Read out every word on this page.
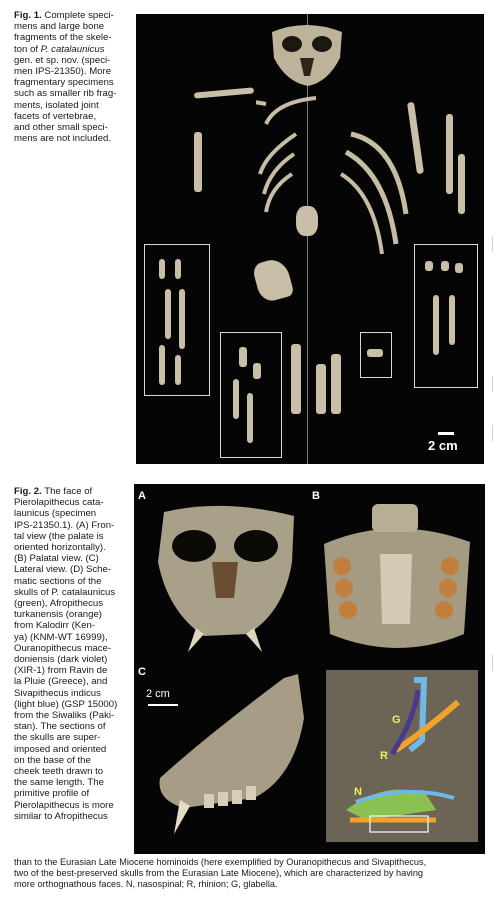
Fig. 1. Complete speci-
mens and large bone
fragments of the skele-
ton of P. catalaunicus
gen. et sp. nov. (speci-
men IPS-21350). More
fragmentary specimens
such as smaller rib frag-
ments, isolated joint
facets of vertebrae,
and other small speci-
mens are not included.
2 cm
Fig. 2. The face of
Pierolapithecus cata-
launicus (specimen
IPS-21350.1). (A) Fron-
tal view (the palate is
oriented horizontally).
(B) Palatal view. (C)
Lateral view. (D) Sche-
matic sections of the
skulls of P. catalaunicus
(green), Afropithecus
turkanensis (orange)
from Kalodirr (Ken-
ya) (KNM-WT 16999),
Ouranopithecus mace-
doniensis (dark violet)
(XIR-1) from Ravin de
la Pluie (Greece), and
Sivapithecus indicus
(light blue) (GSP 15000)
from the Siwaliks (Paki-
stan). The sections of
the skulls are super-
imposed and oriented
on the base of the
cheek teeth drawn to
the same length. The
primitive profile of
Pierolapithecus is more
similar to Afropithecus
A	B
C
2 cm
G
R
N
than to the Eurasian Late Miocene hominoids (here exemplified by Ouranopithecus and Sivapithecus,
two of the best-preserved skulls from the Eurasian Late Miocene), which are characterized by having
more orthognathous faces. N, nasospinal; R, rhinion; G, glabella.
